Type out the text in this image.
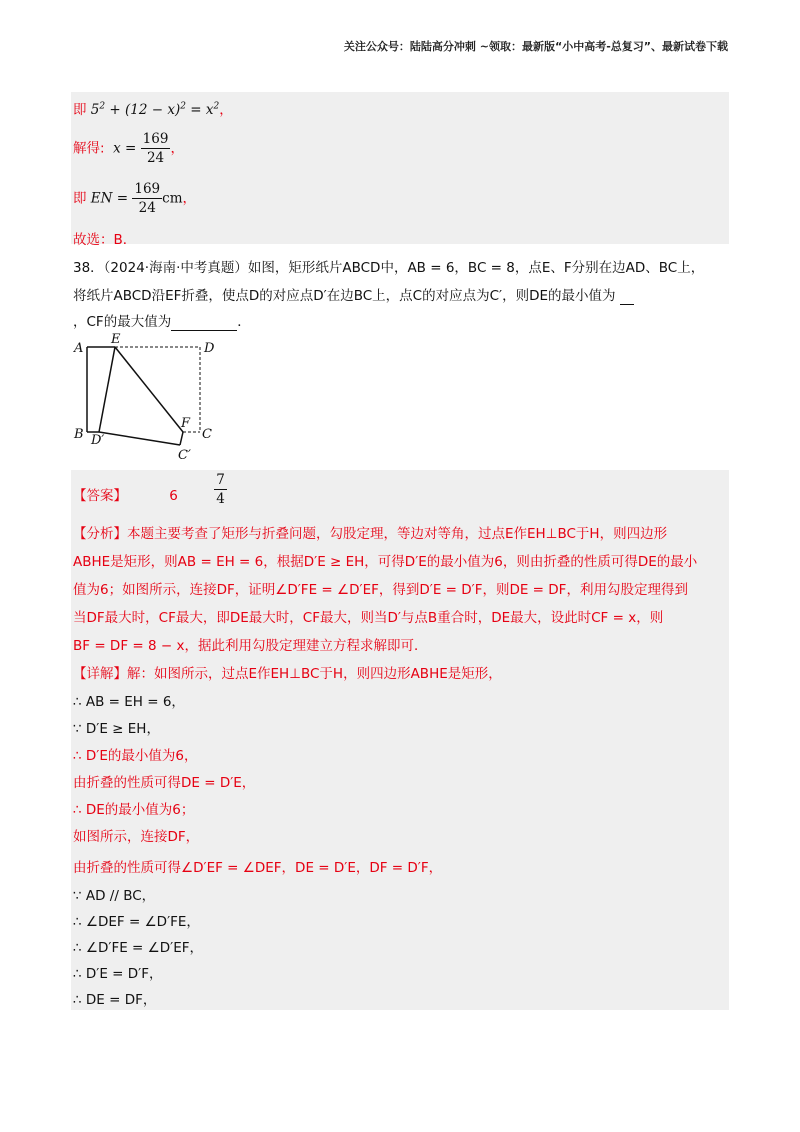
关注公众号：陆陆高分冲刺 ~领取：最新版“小中高考-总复习”、最新试卷下载
即 $5^2 + (12 - x)^2 = x^2$，
解得:  $x = \frac{169}{24}$ ，
即 EN = $\frac{169}{24}$ cm，
故选：B．
38．（2024·海南·中考真题）如图，矩形纸片ABCD中，AB = 6，BC = 8，点E、F分别在边AD、BC上，
将纸片ABCD沿EF折叠，使点D的对应点D′在边BC上，点C的对应点为C′，则DE的最小值为
，CF的最大值为	．
A
E
D
F
B D′	C
C′
【答案】	6	$\frac{7}{4}$
【分析】本题主要考查了矩形与折叠问题，勾股定理，等边对等角，过点E作EH⊥BC于H，则四边形
ABHE是矩形，则AB = EH = 6，根据D′E ≥ EH，可得D′E的最小值为6，则由折叠的性质可得DE的最小
值为6；如图所示，连接DF，证明∠D′FE = ∠D′EF，得到D′E = D′F，则DE = DF，利用勾股定理得到
当DF最大时，CF最大，即DE最大时，CF最大，则当D′与点B重合时，DE最大，设此时CF = x，则
BF = DF = 8 − x，据此利用勾股定理建立方程求解即可．
【详解】解：如图所示，过点E作EH⊥BC于H，则四边形ABHE是矩形，
∴ AB = EH = 6，
∵ D′E ≥ EH，
∴ D′E的最小值为6，
由折叠的性质可得DE = D′E，
∴ DE的最小值为6；
如图所示，连接DF，
由折叠的性质可得∠D′EF = ∠DEF，DE = D′E，DF = D′F，
∵ AD // BC，
∴ ∠DEF = ∠D′FE，
∴ ∠D′FE = ∠D′EF，
∴ D′E = D′F，
∴ DE = DF，
